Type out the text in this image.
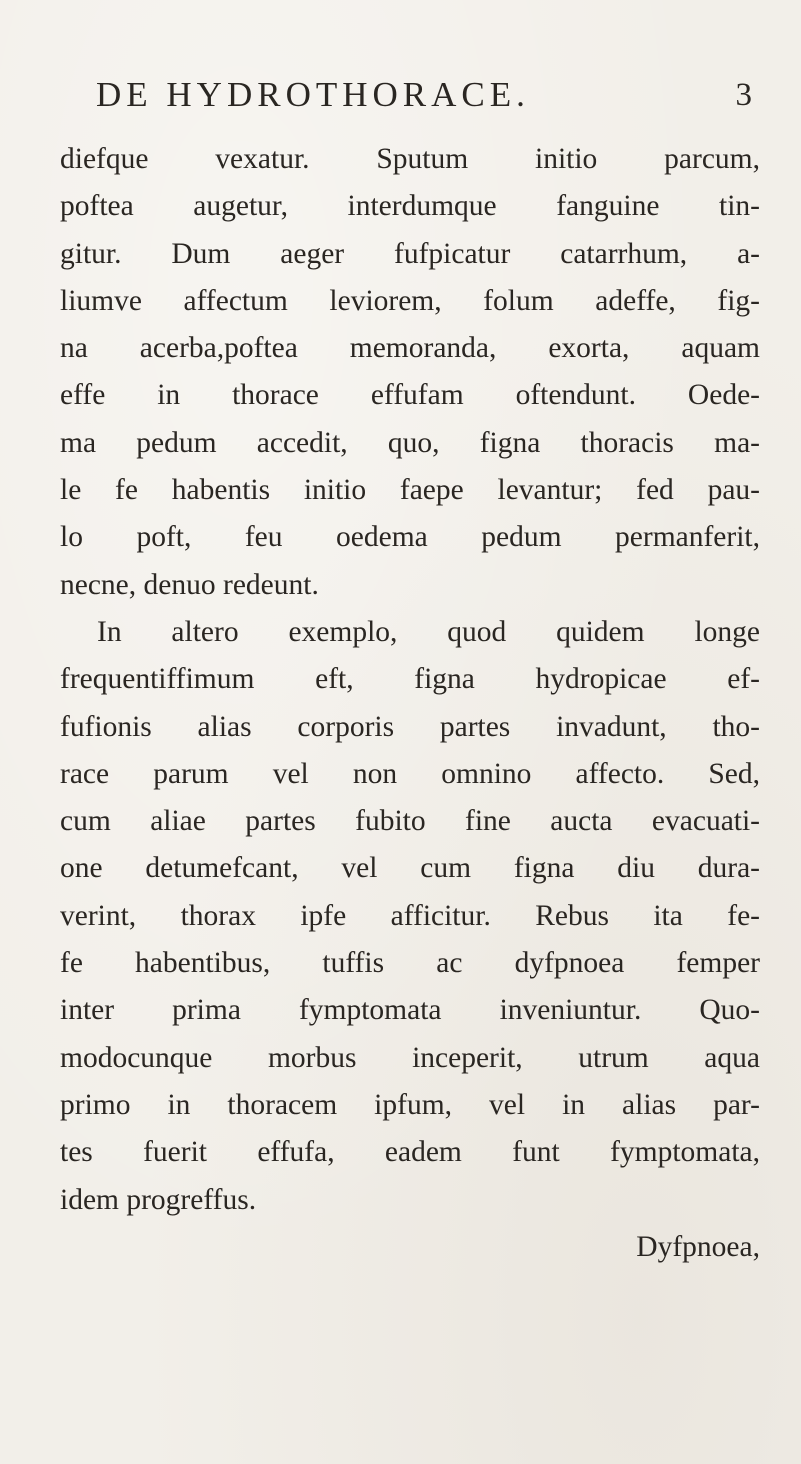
DE HYDROTHORACE.	3
diefque vexatur. Sputum initio parcum,
poftea augetur, interdumque fanguine tin-
gitur. Dum aeger fufpicatur catarrhum, a-
liumve affectum leviorem, folum adeffe, fig-
na acerba,poftea memoranda, exorta, aquam
effe in thorace effufam oftendunt. Oede-
ma pedum accedit, quo, figna thoracis ma-
le fe habentis initio faepe levantur; fed pau-
lo poft, feu oedema pedum permanferit,
necne, denuo redeunt.
In altero exemplo, quod quidem longe
frequentiffimum eft, figna hydropicae ef-
fufionis alias corporis partes invadunt, tho-
race parum vel non omnino affecto. Sed,
cum aliae partes fubito fine aucta evacuati-
one detumefcant, vel cum figna diu dura-
verint, thorax ipfe afficitur. Rebus ita fe-
fe habentibus, tuffis ac dyfpnoea femper
inter prima fymptomata inveniuntur. Quo-
modocunque morbus inceperit, utrum aqua
primo in thoracem ipfum, vel in alias par-
tes fuerit effufa, eadem funt fymptomata,
idem progreffus.
Dyfpnoea,
